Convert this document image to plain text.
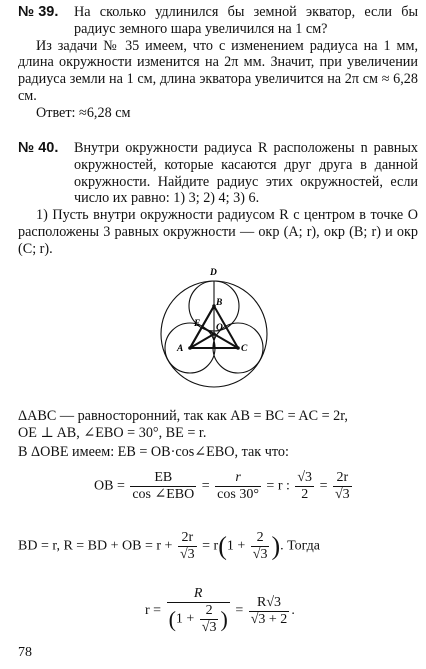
№ 39. На сколько удлинился бы земной экватор, если бы радиус земного шара увеличился на 1 см?
Из задачи № 35 имеем, что с изменением радиуса на 1 мм, длина окружности изменится на 2π мм. Значит, при увеличении радиуса земли на 1 см, длина экватора увеличится на 2π см ≈ 6,28 см.
Ответ: ≈6,28 см
№ 40. Внутри окружности радиуса R расположены n равных окружностей, которые касаются друг друга в данной окружности. Найдите радиус этих окружностей, если число их равно: 1) 3; 2) 4; 3) 6.
1) Пусть внутри окружности радиусом R с центром в точке O расположены 3 равных окружности — окр (A; r), окр (B; r) и окр (C; r).
D
B
E O
A	C
ΔABC — равносторонний, так как AB = BC = AC = 2r,
OE ⊥ AB, ∠EBO = 30°, BE = r.
В ΔOBE имеем: EB = OB·cos∠EBO, так что:
OB = $\frac{EB}{\text{cos ∠EBO}} = \frac{r}{\cos 30^\circ} = r$ : $\frac{√3}{2} = \frac{2r}{√3}$
BD = r, R = BD + OB = $r + \frac{2r}{√3} = r(1 + \frac{2}{√3}$ ). Тогда
$r = \frac{R}{(1 + \frac{2}{√3} )} = \frac{R√3}{√3 + 2}$ .
78
